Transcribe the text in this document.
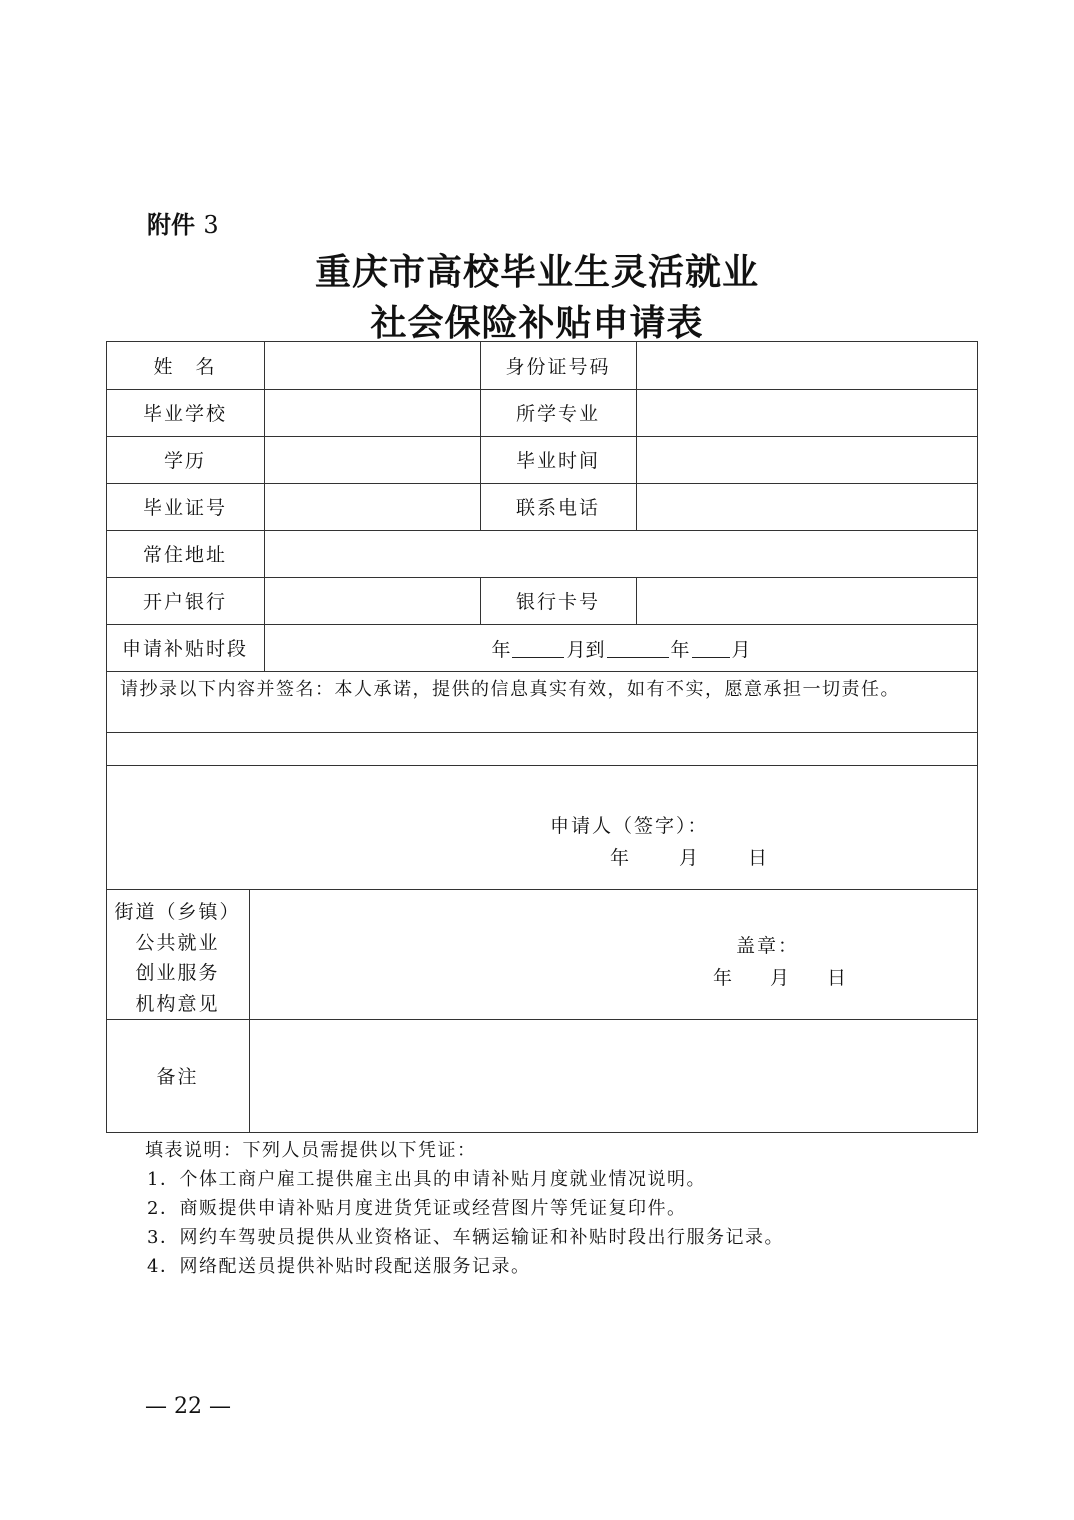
附件 3
重庆市高校毕业生灵活就业
社会保险补贴申请表
姓　名	身份证号码
毕业学校	所学专业
学历	毕业时间
毕业证号	联系电话
常住地址
开户银行	银行卡号
申请补贴时段	年	月到	年 月
请抄录以下内容并签名：本人承诺，提供的信息真实有效，如有不实，愿意承担一切责任。
申请人（签字）：
年	月	日
街道（乡镇）
公共就业
创业服务
机构意见
盖章：
年 月 日
备注
填表说明：下列人员需提供以下凭证：
1．个体工商户雇工提供雇主出具的申请补贴月度就业情况说明。
2．商贩提供申请补贴月度进货凭证或经营图片等凭证复印件。
3．网约车驾驶员提供从业资格证、车辆运输证和补贴时段出行服务记录。
4．网络配送员提供补贴时段配送服务记录。
— 22 —
